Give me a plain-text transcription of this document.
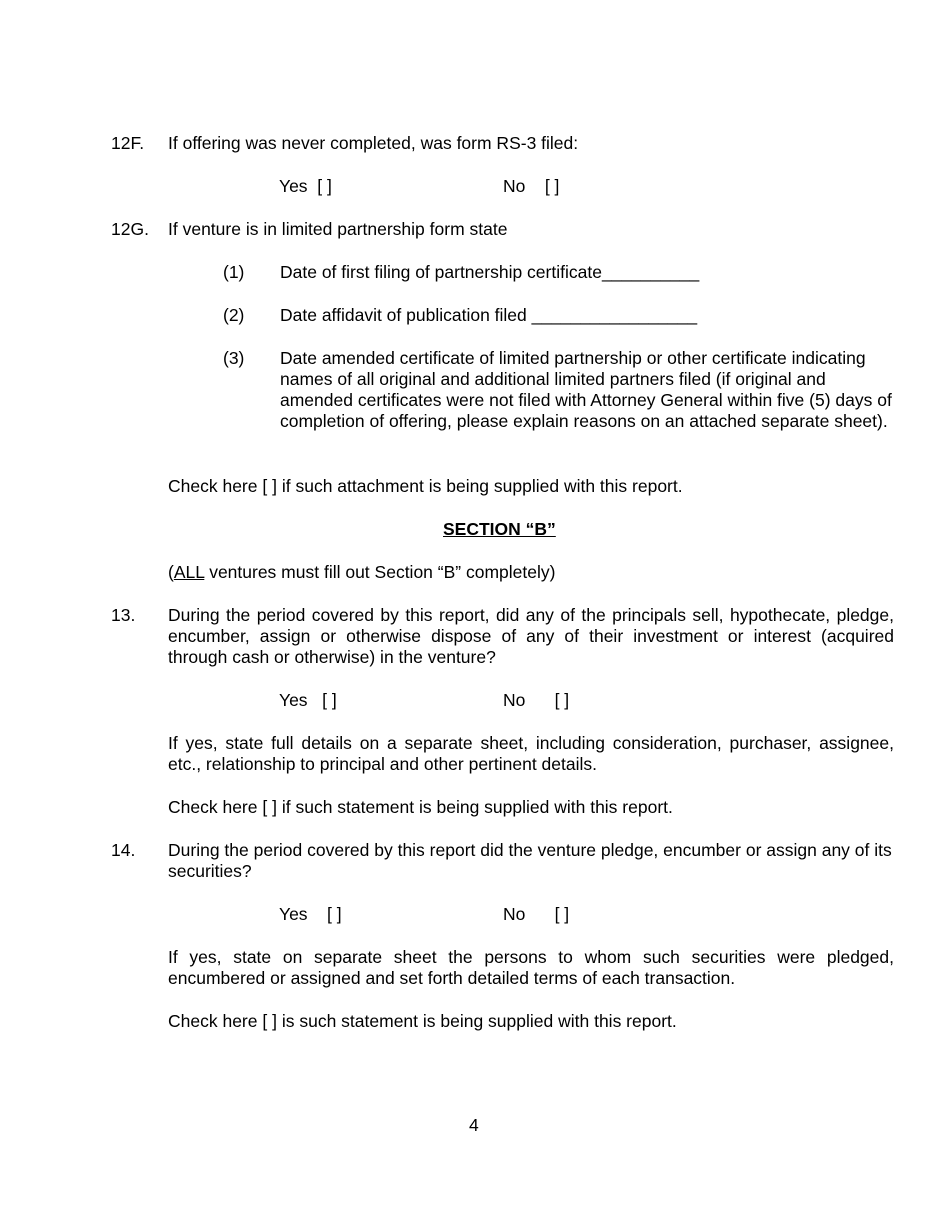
12F. If offering was never completed, was form RS-3 filed:

Yes [ ]	No [ ]

12G. If venture is in limited partnership form state

(1) Date of first filing of partnership certificate__________

(2) Date affidavit of publication filed _________________

(3) Date amended certificate of limited partnership or other certificate indicating names of all original and additional limited partners filed (if original and amended certificates were not filed with Attorney General within five (5) days of completion of offering, please explain reasons on an attached separate sheet).

Check here [ ] if such attachment is being supplied with this report.

SECTION “B”

(ALL ventures must fill out Section “B” completely)

13. During the period covered by this report, did any of the principals sell, hypothecate, pledge, encumber, assign or otherwise dispose of any of their investment or interest (acquired through cash or otherwise) in the venture?

Yes [ ]	No [ ]

If yes, state full details on a separate sheet, including consideration, purchaser, assignee, etc., relationship to principal and other pertinent details.

Check here [ ] if such statement is being supplied with this report.

14. During the period covered by this report did the venture pledge, encumber or assign any of its securities?

Yes [ ]	No [ ]

If yes, state on separate sheet the persons to whom such securities were pledged, encumbered or assigned and set forth detailed terms of each transaction.

Check here [ ] is such statement is being supplied with this report.

4
